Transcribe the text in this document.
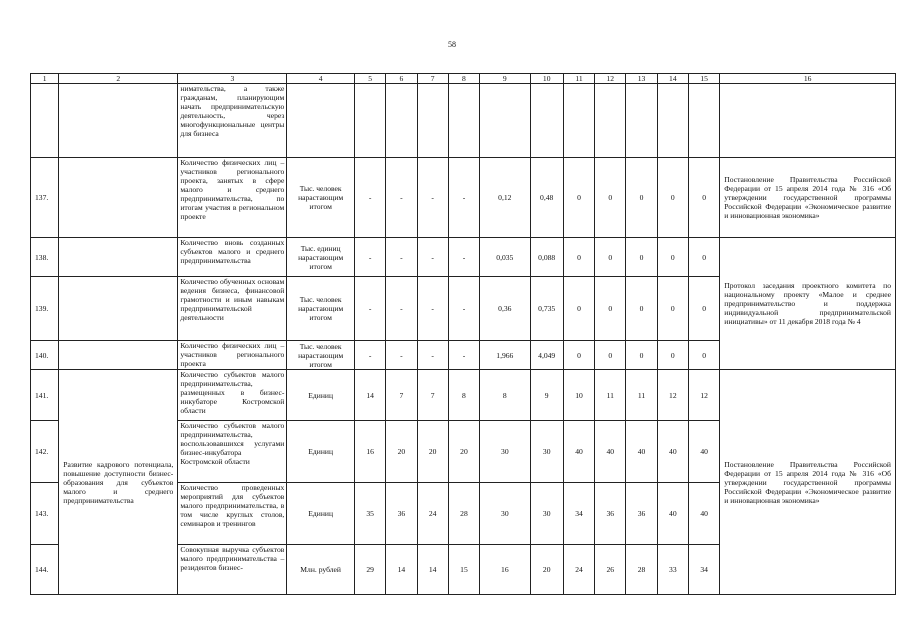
58
1	2	3	4	5	6	7	8	9	10	11	12	13	14	15	16
		нимательства, а также гражданам, планирующим начать предпринимательскую деятельность, через многофункциональные центры для бизнеса													
137.		Количество физических лиц – участников регионального проекта, занятых в сфере малого и среднего предпринимательства, по итогам участия в региональном проекте	Тыс. человек нарастающим итогом	-	-	-	-	0,12	0,48	0	0	0	0	0	Постановление Правительства Российской Федерации от 15 апреля 2014 года № 316 «Об утверждении государственной программы Российской Федерации «Экономическое развитие и инновационная экономика»
138.		Количество вновь созданных субъектов малого и среднего предпринимательства	Тыс. единиц нарастающим итогом	-	-	-	-	0,035	0,088	0	0	0	0	0	Протокол заседания проектного комитета по национальному проекту «Малое и среднее предпринимательство и поддержка индивидуальной предпринимательской инициативы» от 11 декабря 2018 года № 4
139.		Количество обученных основам ведения бизнеса, финансовой грамотности и иным навыкам предпринимательской деятельности	Тыс. человек нарастающим итогом	-	-	-	-	0,36	0,735	0	0	0	0	0	
140.		Количество физических лиц – участников регионального проекта	Тыс. человек нарастающим итогом	-	-	-	-	1,966	4,049	0	0	0	0	0	
141.	Развитие кадрового потенциала, повышение доступности бизнес-образования для субъектов малого и среднего предпринимательства	Количество субъектов малого предпринимательства, размещенных в бизнес-инкубаторе Костромской области	Единиц	14	7	7	8	8	9	10	11	11	12	12	Постановление Правительства Российской Федерации от 15 апреля 2014 года № 316 «Об утверждении государственной программы Российской Федерации «Экономическое развитие и инновационная экономика»
142.		Количество субъектов малого предпринимательства, воспользовавшихся услугами бизнес-инкубатора Костромской области	Единиц	16	20	20	20	30	30	40	40	40	40	40	
143.		Количество проведенных мероприятий для субъектов малого предпринимательства, в том числе круглых столов, семинаров и тренингов	Единиц	35	36	24	28	30	30	34	36	36	40	40	
144.		Совокупная выручка субъектов малого предпринимательства – резидентов бизнес-	Млн. рублей	29	14	14	15	16	20	24	26	28	33	34	
